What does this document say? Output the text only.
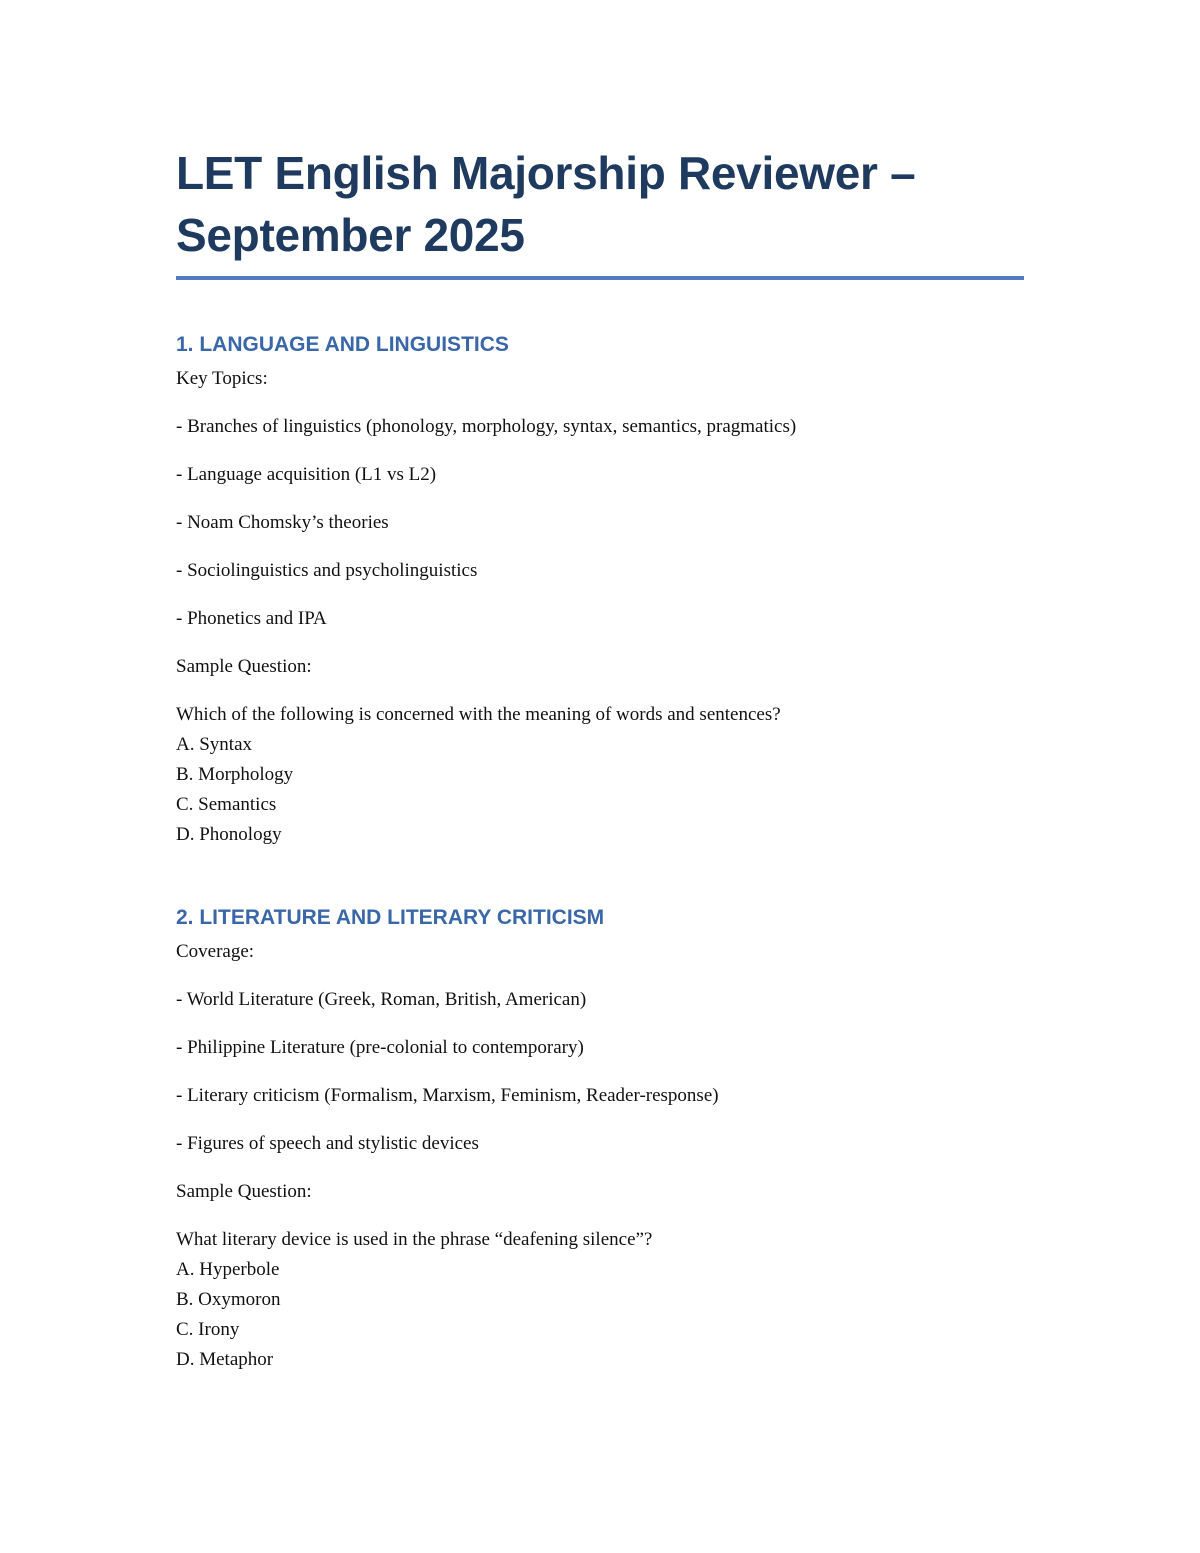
LET English Majorship Reviewer –
September 2025
1. LANGUAGE AND LINGUISTICS

Key Topics:

- Branches of linguistics (phonology, morphology, syntax, semantics, pragmatics)

- Language acquisition (L1 vs L2)

- Noam Chomsky’s theories

- Sociolinguistics and psycholinguistics

- Phonetics and IPA

Sample Question:

Which of the following is concerned with the meaning of words and sentences?

A. Syntax

B. Morphology

C. Semantics

D. Phonology

2. LITERATURE AND LITERARY CRITICISM

Coverage:

- World Literature (Greek, Roman, British, American)

- Philippine Literature (pre-colonial to contemporary)

- Literary criticism (Formalism, Marxism, Feminism, Reader-response)

- Figures of speech and stylistic devices

Sample Question:

What literary device is used in the phrase “deafening silence”?

A. Hyperbole

B. Oxymoron

C. Irony

D. Metaphor
